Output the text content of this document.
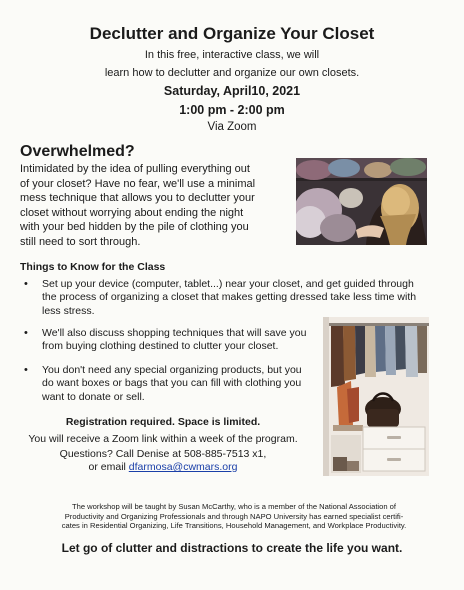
Declutter and Organize Your Closet
In this free, interactive class, we will
learn how to declutter and organize our own closets.
Saturday, April10, 2021
1:00 pm - 2:00 pm
Via Zoom
Overwhelmed?
Intimidated by the idea of pulling everything out
of your closet? Have no fear, we'll use a minimal
mess technique that allows you to declutter your
closet without worrying about ending the night
with your bed hidden by the pile of clothing you
still need to sort through.
Things to Know for the Class
• Set up your device (computer, tablet...) near your closet, and get guided through
the process of organizing a closet that makes getting dressed take less time with
less stress.
• We'll also discuss shopping techniques that will save you
from buying clothing destined to clutter your closet.
• You don't need any special organizing products, but you
do want boxes or bags that you can fill with clothing you
want to donate or sell.
Registration required. Space is limited.
You will receive a Zoom link within a week of the program.
Questions? Call Denise at 508-885-7513 x1,
or email dfarmosa@cwmars.org
The workshop will be taught by Susan McCarthy, who is a member of the National Association of
Productivity and Organizing Professionals and through NAPO University has earned specialist certifi-
cates in Residential Organizing, Life Transitions, Household Management, and Workplace Productivity.
Let go of clutter and distractions to create the life you want.
